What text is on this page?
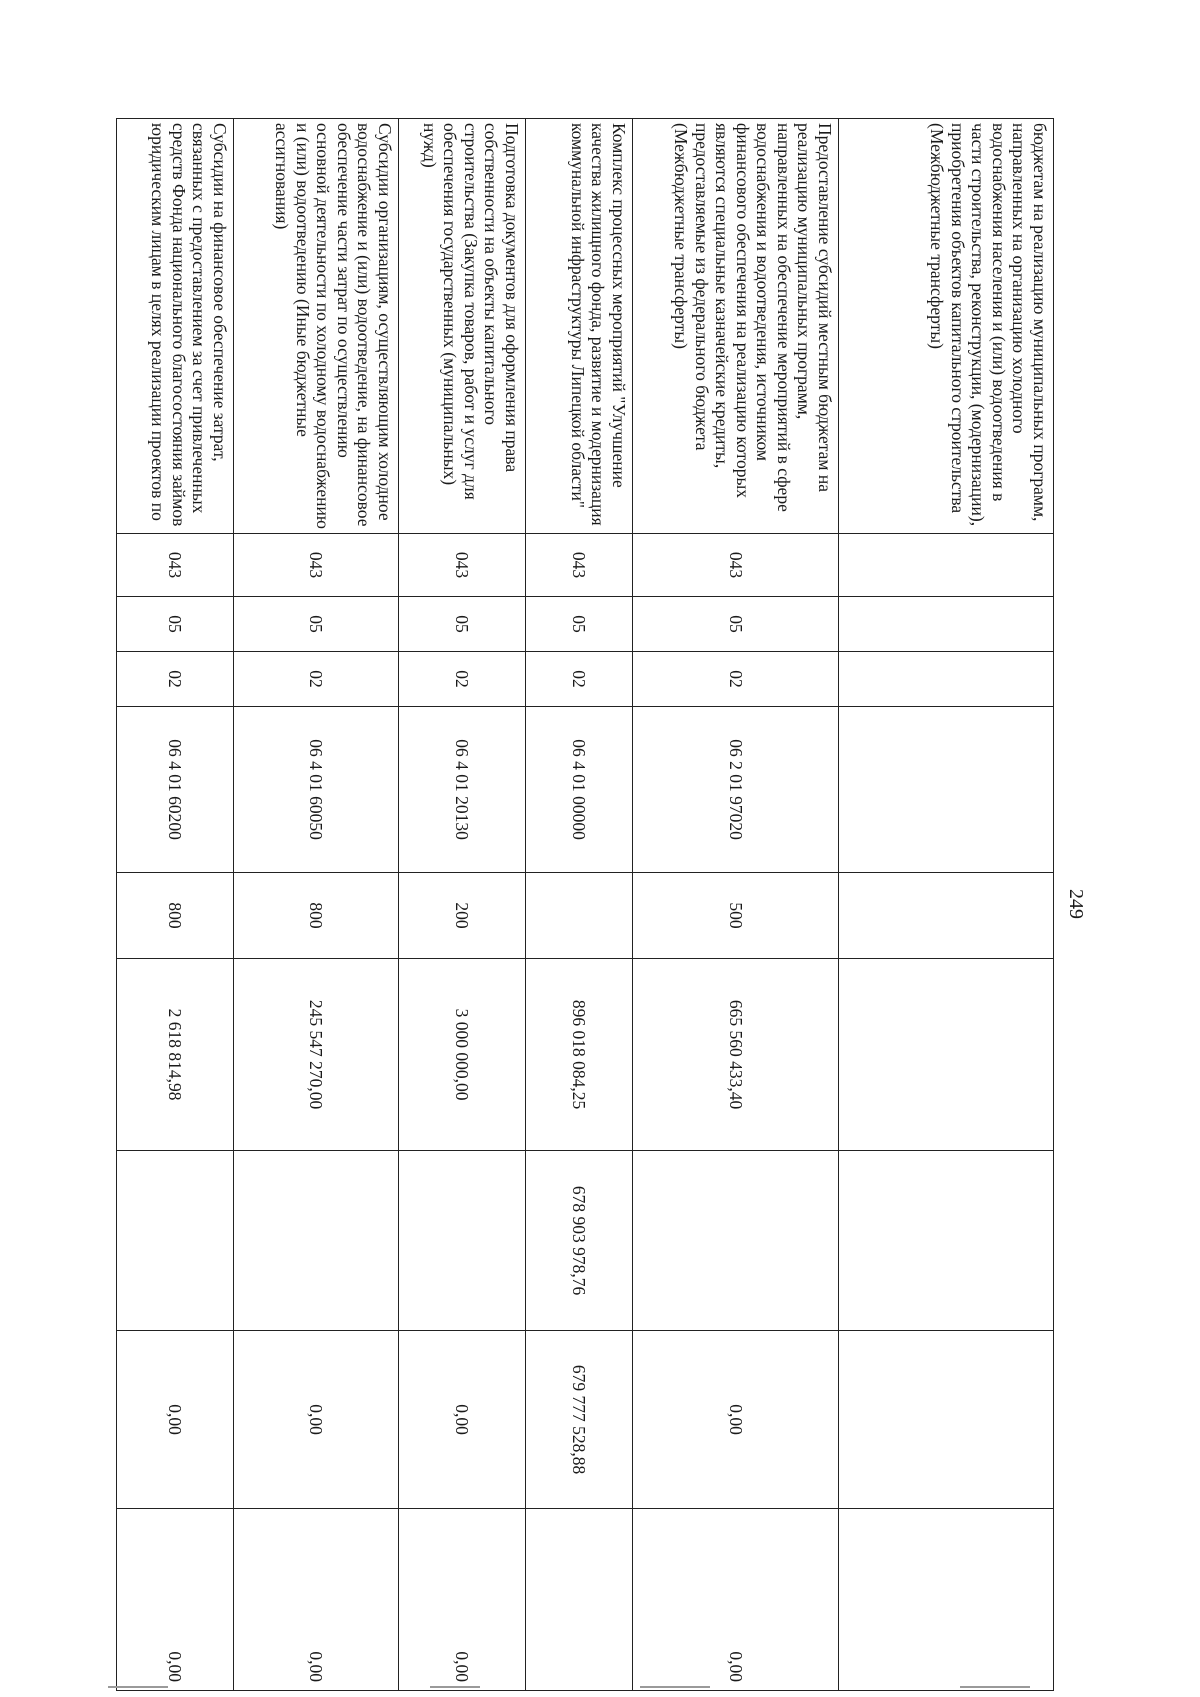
249
бюджетам на реализацию муниципальных программ, направленных на организацию холодного водоснабжения населения и (или) водоотведения в части строительства, реконструкции, (модернизации), приобретения объектов капитального строительства (Межбюджетные трансферты)									
Предоставление субсидий местным бюджетам на реализацию муниципальных программ, направленных на обеспечение мероприятий в сфере водоснабжения и водоотведения, источником финансового обеспечения на реализацию которых являются специальные казначейские кредиты, предоставляемые из федерального бюджета (Межбюджетные трансферты)	043	05	02	06 2 01 97020	500	665 560 433,40		0,00	0,00
Комплекс процессных мероприятий "Улучшение качества жилищного фонда, развитие и модернизация коммунальной инфраструктуры Липецкой области"	043	05	02	06 4 01 00000		896 018 084,25	678 903 978,76	679 777 528,88	
Подготовка документов для оформления права собственности на объекты капитального строительства (Закупка товаров, работ и услуг для обеспечения государственных (муниципальных) нужд)	043	05	02	06 4 01 20130	200	3 000 000,00		0,00	0,00
Субсидии организациям, осуществляющим холодное водоснабжение и (или) водоотведение, на финансовое обеспечение части затрат по осуществлению основной деятельности по холодному водоснабжению и (или) водоотведению (Иные бюджетные ассигнования)	043	05	02	06 4 01 60050	800	245 547 270,00		0,00	0,00
Субсидии на финансовое обеспечение затрат, связанных с предоставлением за счет привлеченных средств Фонда национального благосостояния займов юридическим лицам в целях реализации проектов по	043	05	02	06 4 01 60200	800	2 618 814,98		0,00	0,00
